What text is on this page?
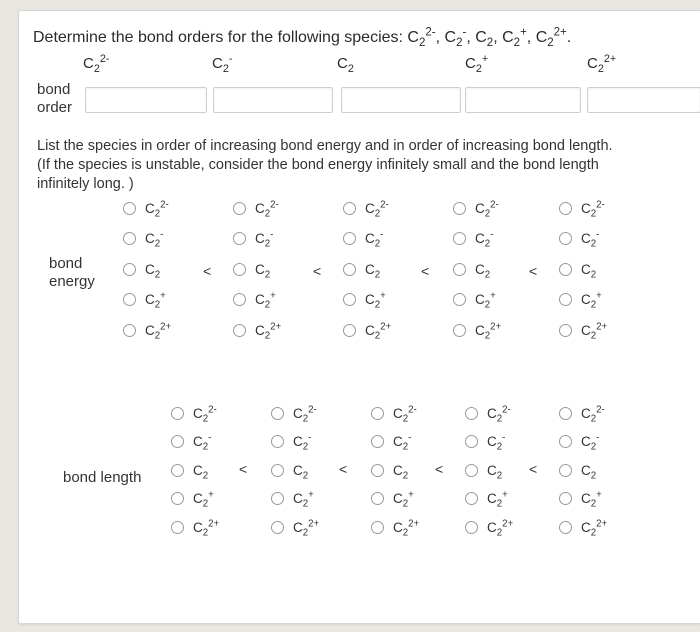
Determine the bond orders for the following species: $C_2^{2-}$, $C_2^-$, $C_2$, $C_2^+$, $C_2^{2+}$.
$C_2^{2-}$	$C_2^-$	$C_2$	$C_2^+$	$C_2^{2+}$
bond
order
List the species in order of increasing bond energy and in order of increasing bond length.
(If the species is unstable, consider the bond energy infinitely small and the bond length
infinitely long. )
bond
energy
bond length
$C_2^{2-}$
$C_2^-$
$C_2$
$C_2^+$
$C_2^{2+}$
$C_2^{2-}$
$C_2^-$
$C_2$
$C_2^+$
$C_2^{2+}$
$C_2^{2-}$
$C_2^-$
$C_2$
$C_2^+$
$C_2^{2+}$
$C_2^{2-}$
$C_2^-$
$C_2$
$C_2^+$
$C_2^{2+}$
$C_2^{2-}$
$C_2^-$
$C_2$
$C_2^+$
$C_2^{2+}$
<	<	<	<
$C_2^{2-}$
$C_2^-$
$C_2$
$C_2^+$
$C_2^{2+}$
$C_2^{2-}$
$C_2^-$
$C_2$
$C_2^+$
$C_2^{2+}$
$C_2^{2-}$
$C_2^-$
$C_2$
$C_2^+$
$C_2^{2+}$
$C_2^{2-}$
$C_2^-$
$C_2$
$C_2^+$
$C_2^{2+}$
$C_2^{2-}$
$C_2^-$
$C_2$
$C_2^+$
$C_2^{2+}$
<	<	<	<
